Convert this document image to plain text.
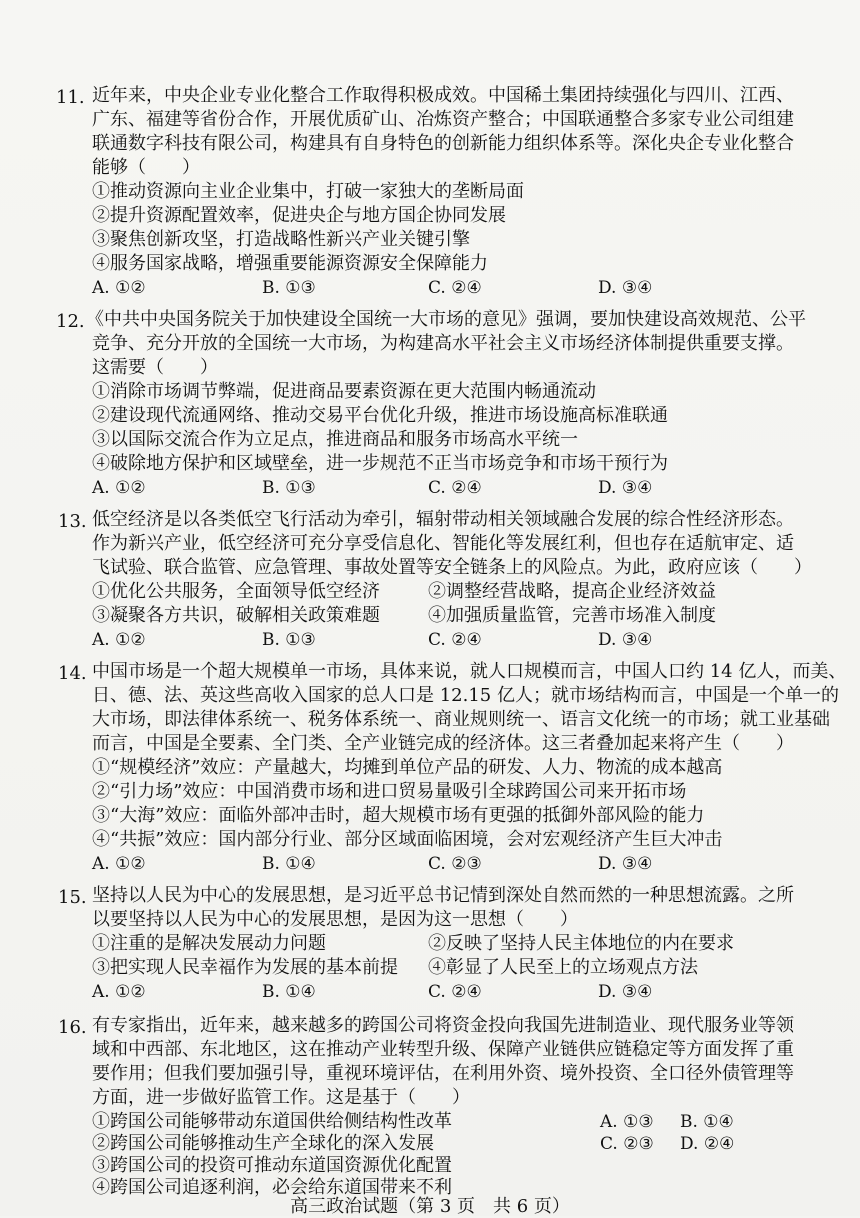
11. 近年来，中央企业专业化整合工作取得积极成效。中国稀土集团持续强化与四川、江西、
广东、福建等省份合作，开展优质矿山、冶炼资产整合；中国联通整合多家专业公司组建
联通数字科技有限公司，构建具有自身特色的创新能力组织体系等。深化央企专业化整合
能够（　　）
①推动资源向主业企业集中，打破一家独大的垄断局面
②提升资源配置效率，促进央企与地方国企协同发展
③聚焦创新攻坚，打造战略性新兴产业关键引擎
④服务国家战略，增强重要能源资源安全保障能力
A. ①②	B. ①③	C. ②④	D. ③④
12. 《中共中央国务院关于加快建设全国统一大市场的意见》强调，要加快建设高效规范、公平
竞争、充分开放的全国统一大市场，为构建高水平社会主义市场经济体制提供重要支撑。
这需要（　　）
①消除市场调节弊端，促进商品要素资源在更大范围内畅通流动
②建设现代流通网络、推动交易平台优化升级，推进市场设施高标准联通
③以国际交流合作为立足点，推进商品和服务市场高水平统一
④破除地方保护和区域壁垒，进一步规范不正当市场竞争和市场干预行为
A. ①②	B. ①③	C. ②④	D. ③④
13. 低空经济是以各类低空飞行活动为牵引，辐射带动相关领域融合发展的综合性经济形态。
作为新兴产业，低空经济可充分享受信息化、智能化等发展红利，但也存在适航审定、适
飞试验、联合监管、应急管理、事故处置等安全链条上的风险点。为此，政府应该（　　）
①优化公共服务，全面领导低空经济	②调整经营战略，提高企业经济效益
③凝聚各方共识，破解相关政策难题	④加强质量监管，完善市场准入制度
A. ①②	B. ①③	C. ②④	D. ③④
14. 中国市场是一个超大规模单一市场，具体来说，就人口规模而言，中国人口约 14 亿人，而美、
日、德、法、英这些高收入国家的总人口是 12.15 亿人；就市场结构而言，中国是一个单一的
大市场，即法律体系统一、税务体系统一、商业规则统一、语言文化统一的市场；就工业基础
而言，中国是全要素、全门类、全产业链完成的经济体。这三者叠加起来将产生（　　）
①“规模经济”效应：产量越大，均摊到单位产品的研发、人力、物流的成本越高
②“引力场”效应：中国消费市场和进口贸易量吸引全球跨国公司来开拓市场
③“大海”效应：面临外部冲击时，超大规模市场有更强的抵御外部风险的能力
④“共振”效应：国内部分行业、部分区域面临困境，会对宏观经济产生巨大冲击
A. ①②	B. ①④	C. ②③	D. ③④
15. 坚持以人民为中心的发展思想，是习近平总书记情到深处自然而然的一种思想流露。之所
以要坚持以人民为中心的发展思想，是因为这一思想（　　）
①注重的是解决发展动力问题	②反映了坚持人民主体地位的内在要求
③把实现人民幸福作为发展的基本前提 ④彰显了人民至上的立场观点方法
A. ①②	B. ①④	C. ②④	D. ③④
16. 有专家指出，近年来，越来越多的跨国公司将资金投向我国先进制造业、现代服务业等领
域和中西部、东北地区，这在推动产业转型升级、保障产业链供应链稳定等方面发挥了重
要作用；但我们要加强引导，重视环境评估，在利用外资、境外投资、全口径外债管理等
方面，进一步做好监管工作。这是基于（　　）
①跨国公司能够带动东道国供给侧结构性改革
②跨国公司能够推动生产全球化的深入发展
③跨国公司的投资可推动东道国资源优化配置
④跨国公司追逐利润，必会给东道国带来不利
A. ①③ B. ①④
C. ②③ D. ②④
高三政治试题（第 3 页　共 6 页）
